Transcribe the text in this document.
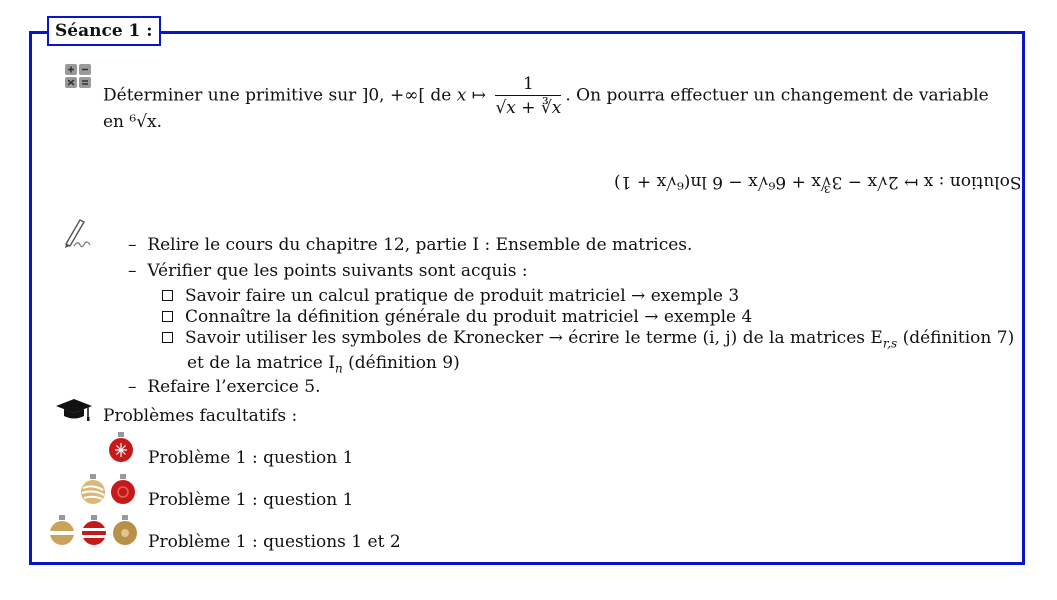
Séance 1 :
Déterminer une primitive sur ]0, +∞[ de x ↦ $\frac{1}{√x + ∛x}$ . On pourra effectuer un changement de variable
en ⁶√x.
Solution : x ↦ 2√x − 3∛x + 6⁶√x − 6 ln(⁶√x + 1)
–  Relire le cours du chapitre 12, partie I : Ensemble de matrices.
–  Vérifier que les points suivants sont acquis :
Savoir faire un calcul pratique de produit matriciel → exemple 3
Connaître la définition générale du produit matriciel → exemple 4
Savoir utiliser les symboles de Kronecker → écrire le terme (i, j) de la matrices $E_{r,s}$ (définition 7)
et de la matrice $I_n$ (définition 9)
–  Refaire l’exercice 5.
Problèmes facultatifs :
Problème 1 : question 1
Problème 1 : question 1
Problème 1 : questions 1 et 2
